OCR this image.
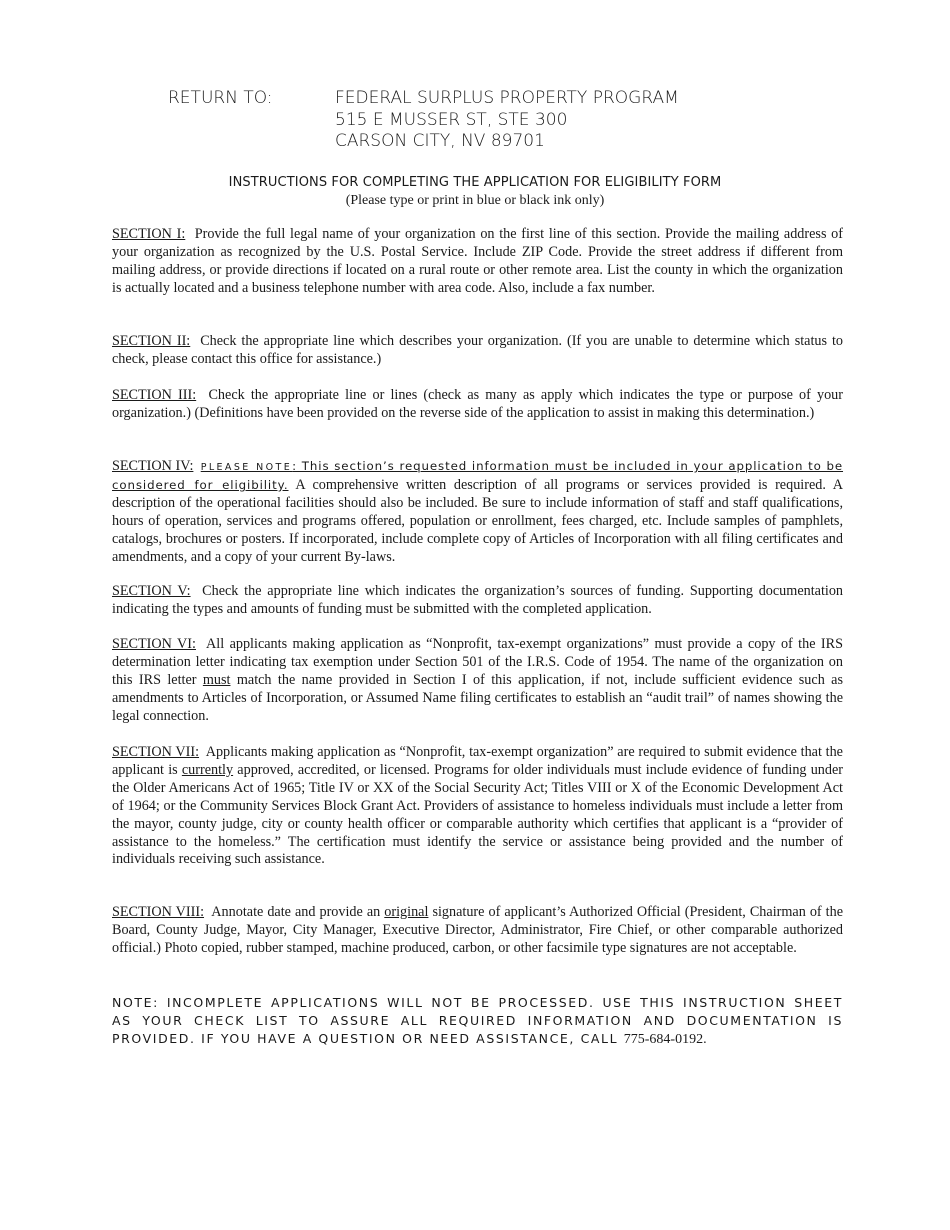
RETURN TO:	FEDERAL SURPLUS PROPERTY PROGRAM
515 E MUSSER ST, STE 300
CARSON CITY, NV 89701
INSTRUCTIONS FOR COMPLETING THE APPLICATION FOR ELIGIBILITY FORM
(Please type or print in blue or black ink only)

SECTION I: Provide the full legal name of your organization on the first line of this section. Provide the mailing address of your organization as recognized by the U.S. Postal Service. Include ZIP Code. Provide the street address if different from mailing address, or provide directions if located on a rural route or other remote area. List the county in which the organization is actually located and a business telephone number with area code. Also, include a fax number.

SECTION II: Check the appropriate line which describes your organization. (If you are unable to determine which status to check, please contact this office for assistance.)

SECTION III: Check the appropriate line or lines (check as many as apply which indicates the type or purpose of your organization.) (Definitions have been provided on the reverse side of the application to assist in making this determination.)

SECTION IV: PLEASE NOTE: This section’s requested information must be included in your application to be considered for eligibility. A comprehensive written description of all programs or services provided is required. A description of the operational facilities should also be included. Be sure to include information of staff and staff qualifications, hours of operation, services and programs offered, population or enrollment, fees charged, etc. Include samples of pamphlets, catalogs, brochures or posters. If incorporated, include complete copy of Articles of Incorporation with all filing certificates and amendments, and a copy of your current By-laws.

SECTION V: Check the appropriate line which indicates the organization’s sources of funding. Supporting documentation indicating the types and amounts of funding must be submitted with the completed application.

SECTION VI: All applicants making application as “Nonprofit, tax-exempt organizations” must provide a copy of the IRS determination letter indicating tax exemption under Section 501 of the I.R.S. Code of 1954. The name of the organization on this IRS letter must match the name provided in Section I of this application, if not, include sufficient evidence such as amendments to Articles of Incorporation, or Assumed Name filing certificates to establish an “audit trail” of names showing the legal connection.

SECTION VII: Applicants making application as “Nonprofit, tax-exempt organization” are required to submit evidence that the applicant is currently approved, accredited, or licensed. Programs for older individuals must include evidence of funding under the Older Americans Act of 1965; Title IV or XX of the Social Security Act; Titles VIII or X of the Economic Development Act of 1964; or the Community Services Block Grant Act. Providers of assistance to homeless individuals must include a letter from the mayor, county judge, city or county health officer or comparable authority which certifies that applicant is a “provider of assistance to the homeless.” The certification must identify the service or assistance being provided and the number of individuals receiving such assistance.

SECTION VIII: Annotate date and provide an original signature of applicant’s Authorized Official (President, Chairman of the Board, County Judge, Mayor, City Manager, Executive Director, Administrator, Fire Chief, or other comparable authorized official.) Photo copied, rubber stamped, machine produced, carbon, or other facsimile type signatures are not acceptable.

NOTE: INCOMPLETE APPLICATIONS WILL NOT BE PROCESSED. USE THIS INSTRUCTION SHEET AS YOUR CHECK LIST TO ASSURE ALL REQUIRED INFORMATION AND DOCUMENTATION IS PROVIDED. IF YOU HAVE A QUESTION OR NEED ASSISTANCE, CALL 775-684-0192.
